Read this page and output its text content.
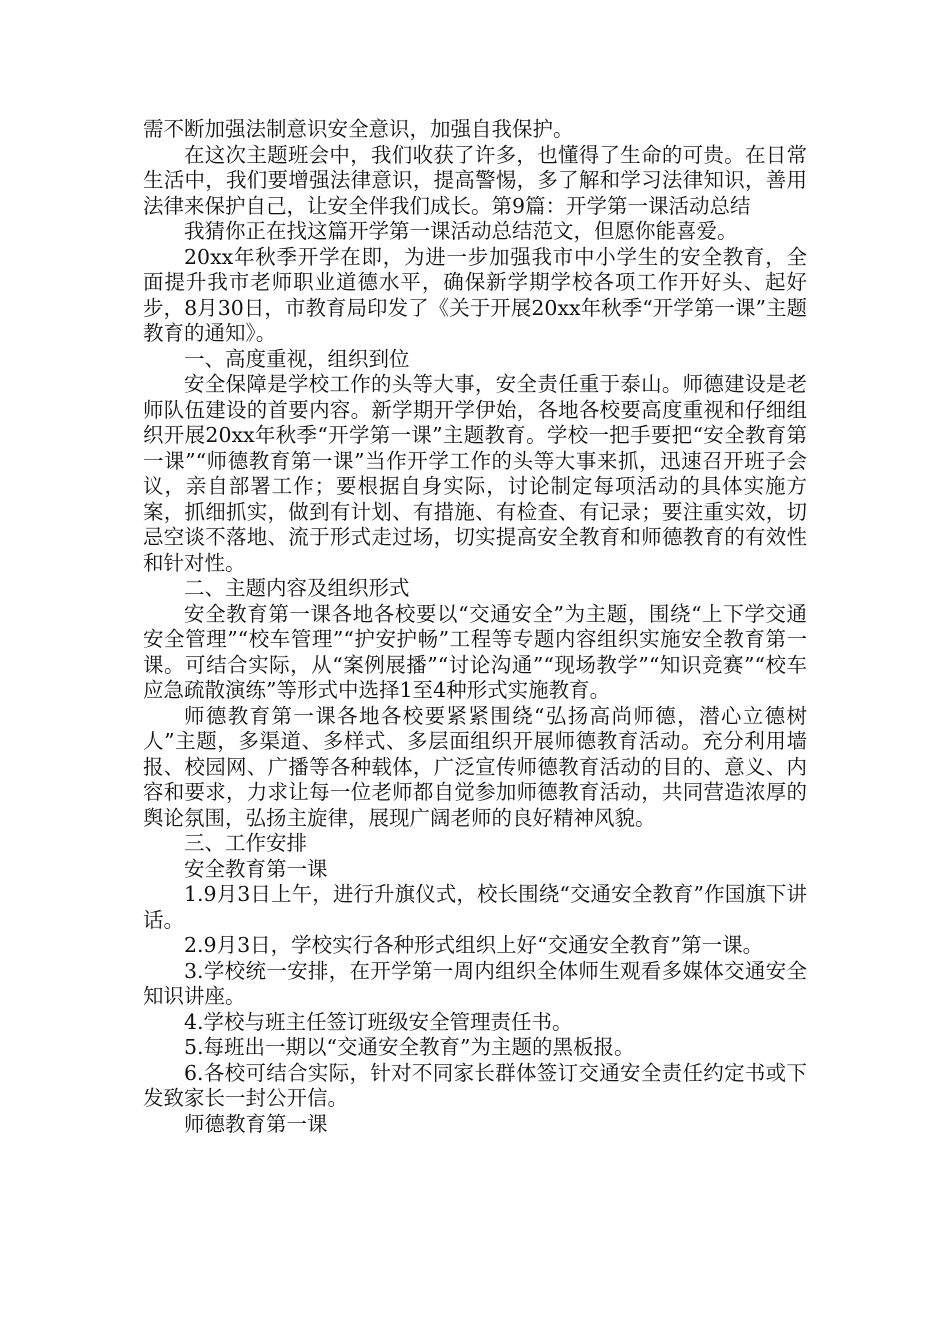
需不断加强法制意识安全意识，加强自我保护。

在这次主题班会中，我们收获了许多，也懂得了生命的可贵。在日常生活中，我们要增强法律意识，提高警惕，多了解和学习法律知识，善用法律来保护自己，让安全伴我们成长。第9篇：开学第一课活动总结

我猜你正在找这篇开学第一课活动总结范文，但愿你能喜爱。

20xx年秋季开学在即，为进一步加强我市中小学生的安全教育，全面提升我市老师职业道德水平，确保新学期学校各项工作开好头、起好步，8月30日，市教育局印发了《关于开展20xx年秋季“开学第一课”主题教育的通知》。

一、高度重视，组织到位

安全保障是学校工作的头等大事，安全责任重于泰山。师德建设是老师队伍建设的首要内容。新学期开学伊始，各地各校要高度重视和仔细组织开展20xx年秋季“开学第一课”主题教育。学校一把手要把“安全教育第一课”“师德教育第一课”当作开学工作的头等大事来抓，迅速召开班子会议，亲自部署工作；要根据自身实际，讨论制定每项活动的具体实施方案，抓细抓实，做到有计划、有措施、有检查、有记录；要注重实效，切忌空谈不落地、流于形式走过场，切实提高安全教育和师德教育的有效性和针对性。

二、主题内容及组织形式

安全教育第一课各地各校要以“交通安全”为主题，围绕“上下学交通安全管理”“校车管理”“护安护畅”工程等专题内容组织实施安全教育第一课。可结合实际，从“案例展播”“讨论沟通”“现场教学”“知识竞赛”“校车应急疏散演练”等形式中选择1至4种形式实施教育。

师德教育第一课各地各校要紧紧围绕“弘扬高尚师德，潜心立德树人”主题，多渠道、多样式、多层面组织开展师德教育活动。充分利用墙报、校园网、广播等各种载体，广泛宣传师德教育活动的目的、意义、内容和要求，力求让每一位老师都自觉参加师德教育活动，共同营造浓厚的舆论氛围，弘扬主旋律，展现广阔老师的良好精神风貌。

三、工作安排

安全教育第一课

1.9月3日上午，进行升旗仪式，校长围绕“交通安全教育”作国旗下讲话。

2.9月3日，学校实行各种形式组织上好“交通安全教育”第一课。

3.学校统一安排，在开学第一周内组织全体师生观看多媒体交通安全知识讲座。

4.学校与班主任签订班级安全管理责任书。

5.每班出一期以“交通安全教育”为主题的黑板报。

6.各校可结合实际，针对不同家长群体签订交通安全责任约定书或下发致家长一封公开信。

师德教育第一课
